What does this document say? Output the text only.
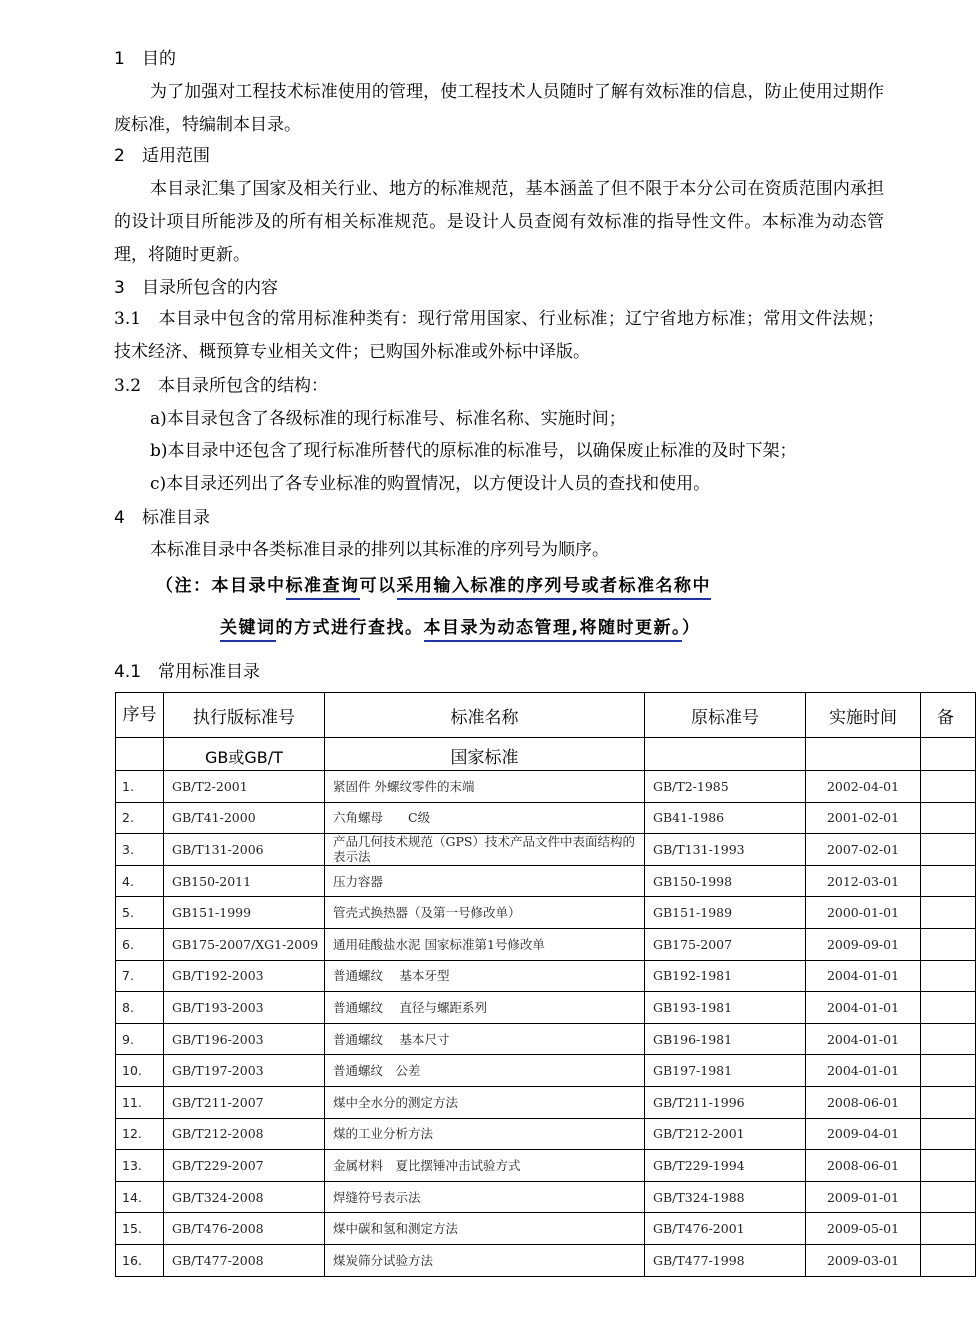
1 目的

为了加强对工程技术标准使用的管理，使工程技术人员随时了解有效标准的信息，防止使用过期作废标准，特编制本目录。

2 适用范围

本目录汇集了国家及相关行业、地方的标准规范，基本涵盖了但不限于本分公司在资质范围内承担的设计项目所能涉及的所有相关标准规范。是设计人员查阅有效标准的指导性文件。本标准为动态管理，将随时更新。

3 目录所包含的内容

3.1　本目录中包含的常用标准种类有：现行常用国家、行业标准；辽宁省地方标准；常用文件法规；技术经济、概预算专业相关文件；已购国外标准或外标中译版。

3.2　本目录所包含的结构：
a)本目录包含了各级标准的现行标准号、标准名称、实施时间；
b)本目录中还包含了现行标准所替代的原标准的标准号，以确保废止标准的及时下架；
c)本目录还列出了各专业标准的购置情况，以方便设计人员的查找和使用。
4 标准目录
本标准目录中各类标准目录的排列以其标准的序列号为顺序。
（注：本目录中标准查询可以采用输入标准的序列号或者标准名称中
关键词的方式进行查找。本目录为动态管理,将随时更新。）
4.1　常用标准目录
序号	执行版标准号	标准名称	原标准号	实施时间	备
	GB或GB/T	国家标准			
1.	GB/T2-2001	紧固件 外螺纹零件的末端	GB/T2-1985	2002-04-01	
2.	GB/T41-2000	六角螺母　　C级	GB41-1986	2001-02-01	
3.	GB/T131-2006	产品几何技术规范（GPS）技术产品文件中表面结构的表示法	GB/T131-1993	2007-02-01	
4.	GB150-2011	压力容器	GB150-1998	2012-03-01	
5.	GB151-1999	管壳式换热器（及第一号修改单）	GB151-1989	2000-01-01	
6.	GB175-2007/XG1-2009	通用硅酸盐水泥 国家标准第1号修改单	GB175-2007	2009-09-01	
7.	GB/T192-2003	普通螺纹　 基本牙型	GB192-1981	2004-01-01	
8.	GB/T193-2003	普通螺纹　 直径与螺距系列	GB193-1981	2004-01-01	
9.	GB/T196-2003	普通螺纹　 基本尺寸	GB196-1981	2004-01-01	
10.	GB/T197-2003	普通螺纹　公差	GB197-1981	2004-01-01	
11.	GB/T211-2007	煤中全水分的测定方法	GB/T211-1996	2008-06-01	
12.	GB/T212-2008	煤的工业分析方法	GB/T212-2001	2009-04-01	
13.	GB/T229-2007	金属材料　夏比摆锤冲击试验方式	GB/T229-1994	2008-06-01	
14.	GB/T324-2008	焊缝符号表示法	GB/T324-1988	2009-01-01	
15.	GB/T476-2008	煤中碳和氢和测定方法	GB/T476-2001	2009-05-01	
16.	GB/T477-2008	煤炭筛分试验方法	GB/T477-1998	2009-03-01	
